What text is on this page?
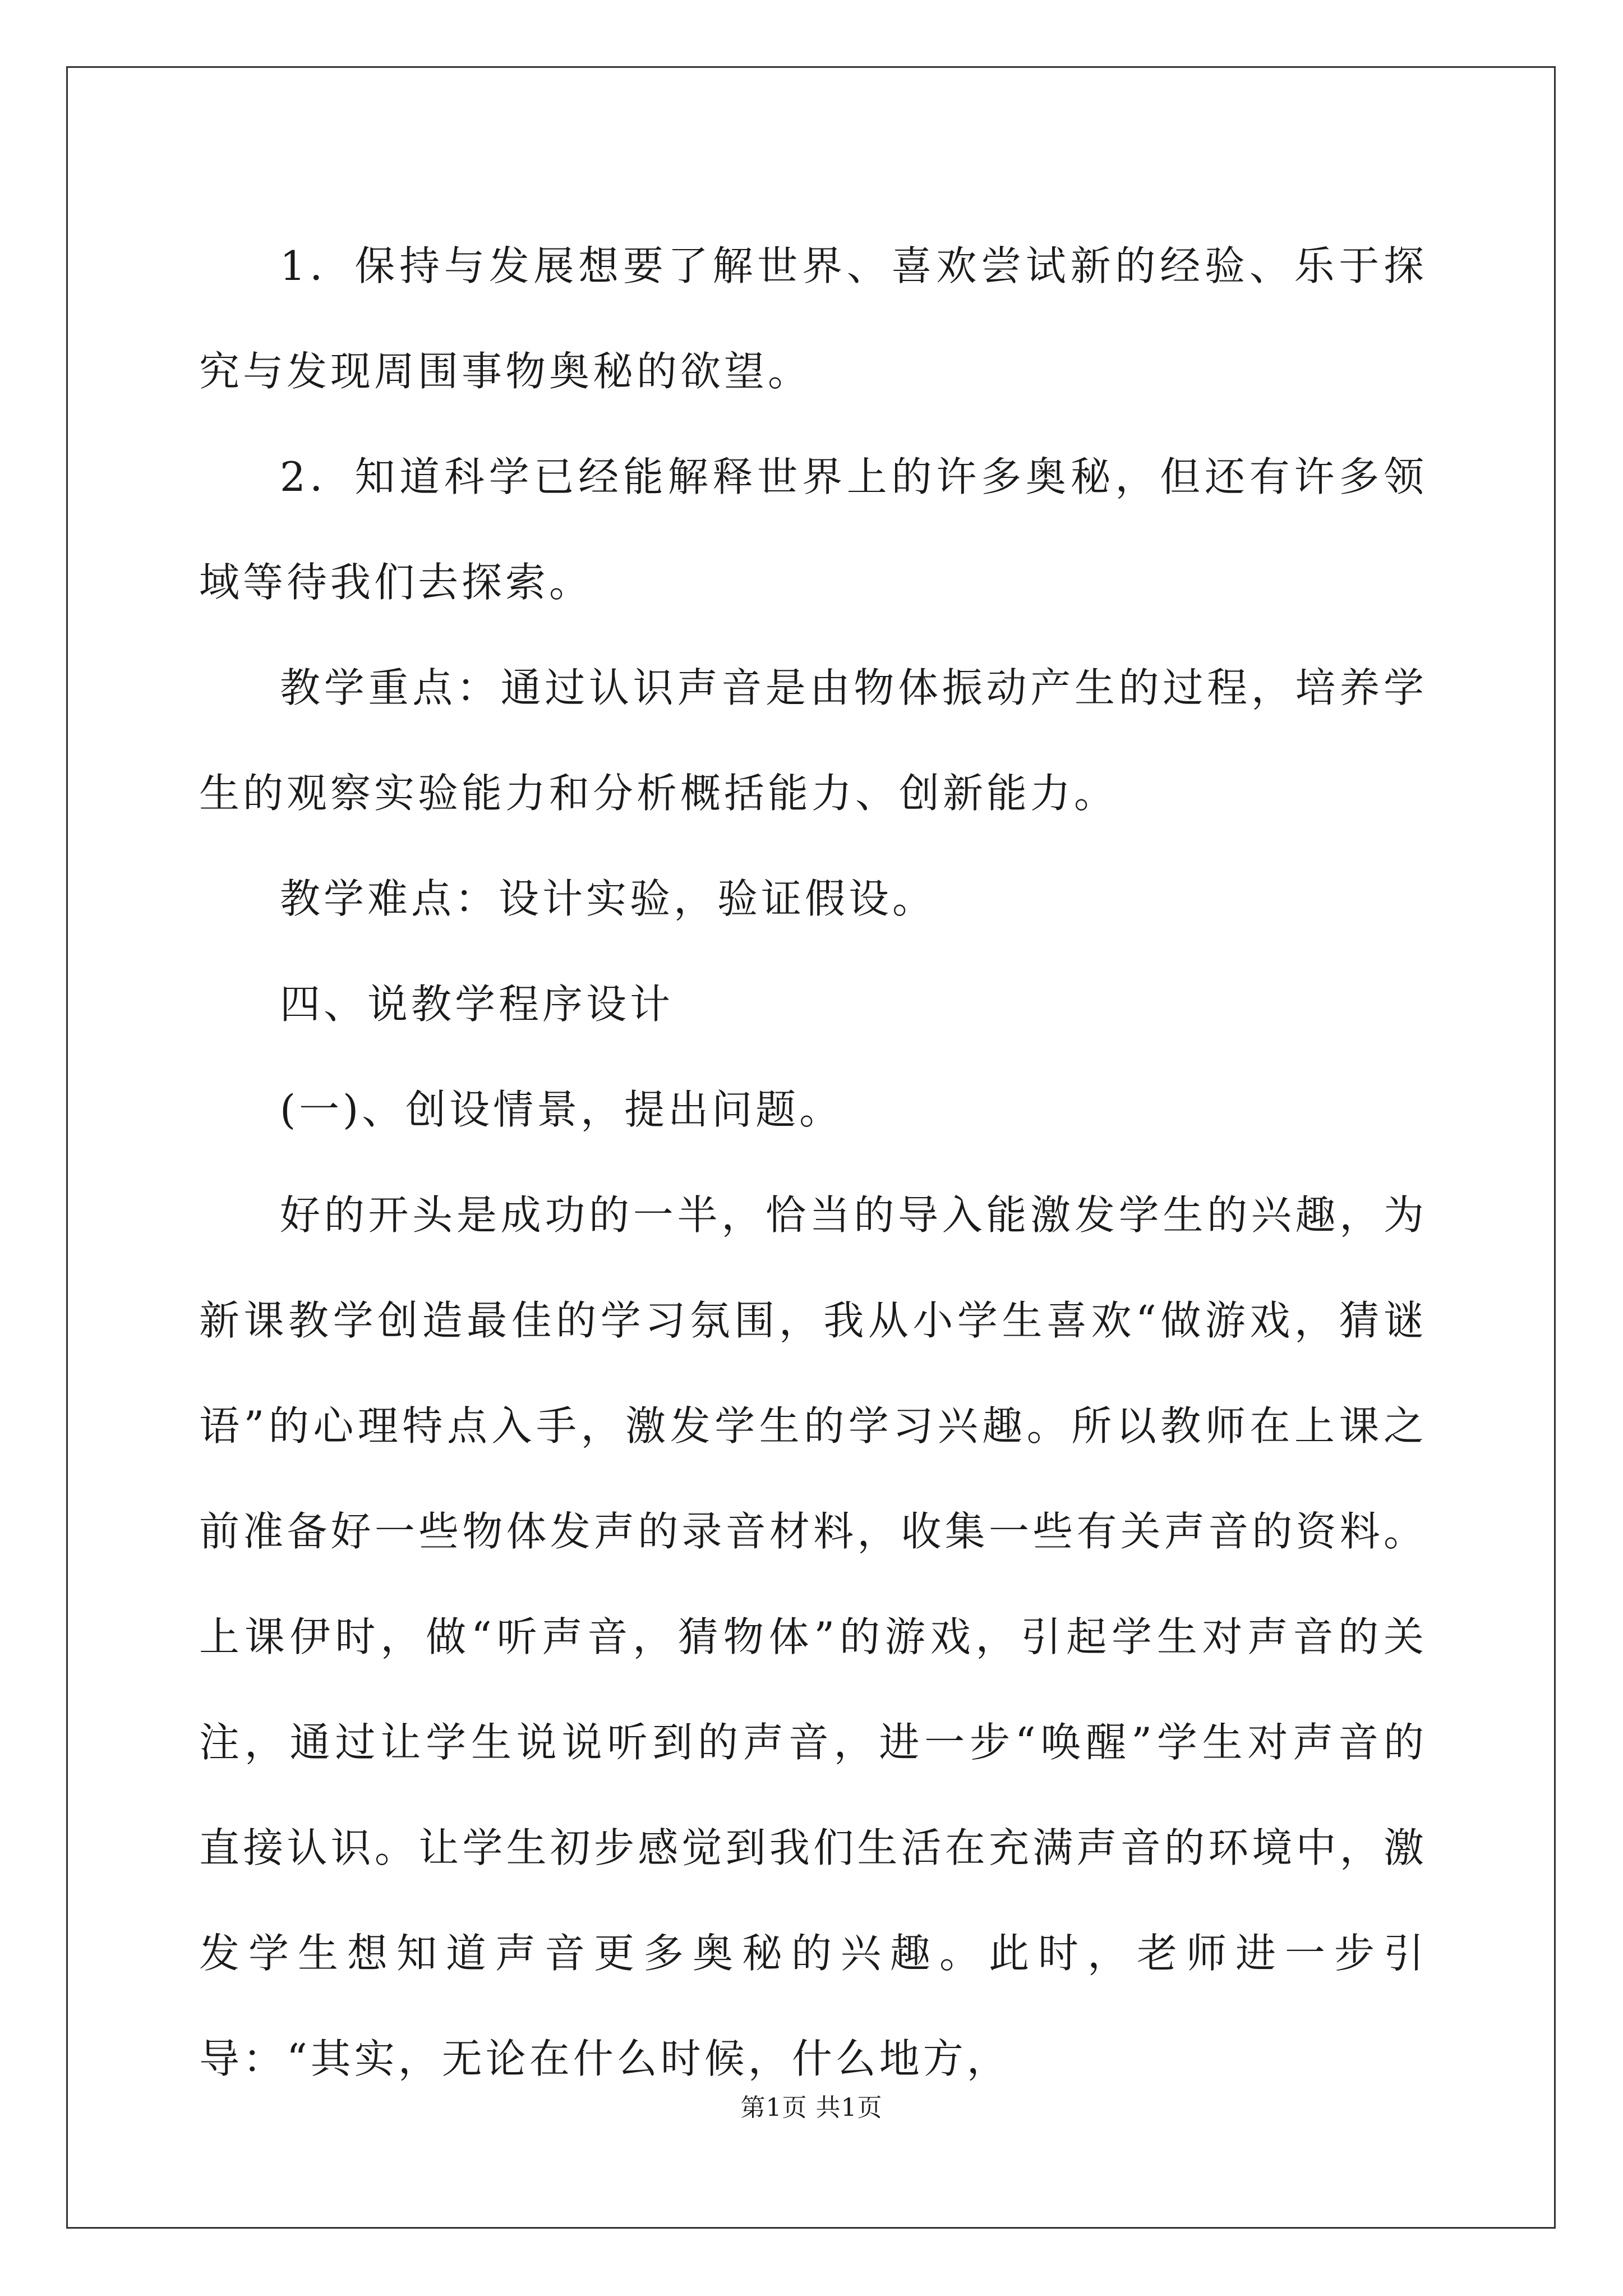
1．保持与发展想要了解世界、喜欢尝试新的经验、乐于探究与发现周围事物奥秘的欲望。

2．知道科学已经能解释世界上的许多奥秘，但还有许多领域等待我们去探索。

教学重点：通过认识声音是由物体振动产生的过程，培养学生的观察实验能力和分析概括能力、创新能力。

教学难点：设计实验，验证假设。

四、说教学程序设计

(一)、创设情景，提出问题。

好的开头是成功的一半，恰当的导入能激发学生的兴趣，为新课教学创造最佳的学习氛围，我从小学生喜欢“做游戏，猜谜语”的心理特点入手，激发学生的学习兴趣。所以教师在上课之前准备好一些物体发声的录音材料，收集一些有关声音的资料。上课伊时，做“听声音，猜物体”的游戏，引起学生对声音的关注，通过让学生说说听到的声音，进一步“唤醒”学生对声音的直接认识。让学生初步感觉到我们生活在充满声音的环境中，激发学生想知道声音更多奥秘的兴趣。此时，老师进一步引导：“其实，无论在什么时候，什么地方，

第1页 共1页
